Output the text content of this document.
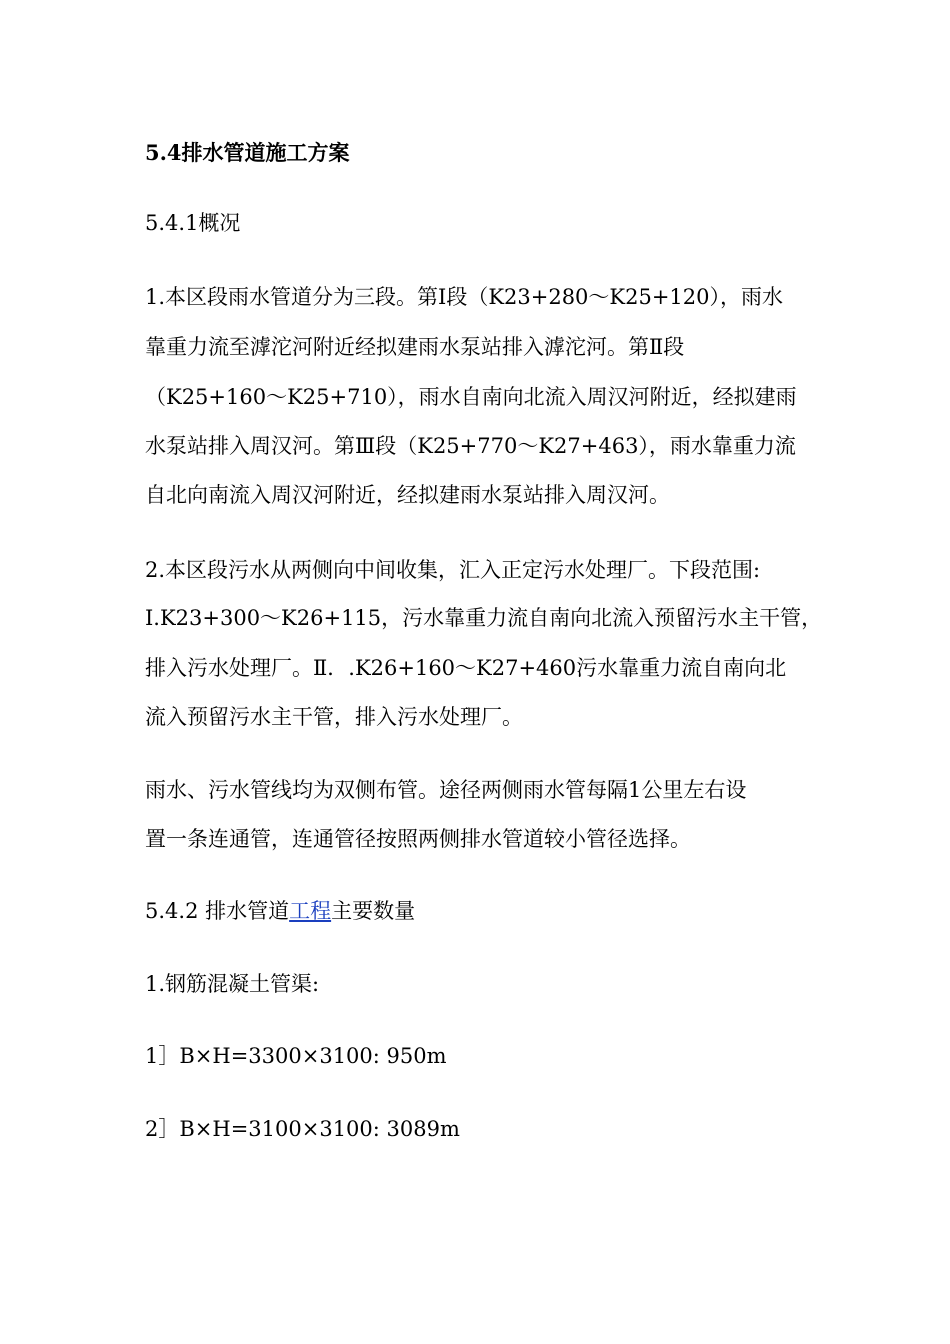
5.4排水管道施工方案
5.4.1概况
1.本区段雨水管道分为三段。第Ⅰ段（K23+280～K25+120），雨水
靠重力流至滹沱河附近经拟建雨水泵站排入滹沱河。第Ⅱ段
（K25+160～K25+710），雨水自南向北流入周汉河附近，经拟建雨
水泵站排入周汉河。第Ⅲ段（K25+770～K27+463），雨水靠重力流
自北向南流入周汉河附近，经拟建雨水泵站排入周汉河。
2.本区段污水从两侧向中间收集，汇入正定污水处理厂。下段范围:
Ⅰ.K23+300～K26+115，污水靠重力流自南向北流入预留污水主干管，
排入污水处理厂。Ⅱ．.K26+160～K27+460污水靠重力流自南向北
流入预留污水主干管，排入污水处理厂。
雨水、污水管线均为双侧布管。途径两侧雨水管每隔1公里左右设
置一条连通管，连通管径按照两侧排水管道较小管径选择。
5.4.2 排水管道工程主要数量
1.钢筋混凝土管渠:
1］B×H=3300×3100: 950m
2］B×H=3100×3100: 3089m
